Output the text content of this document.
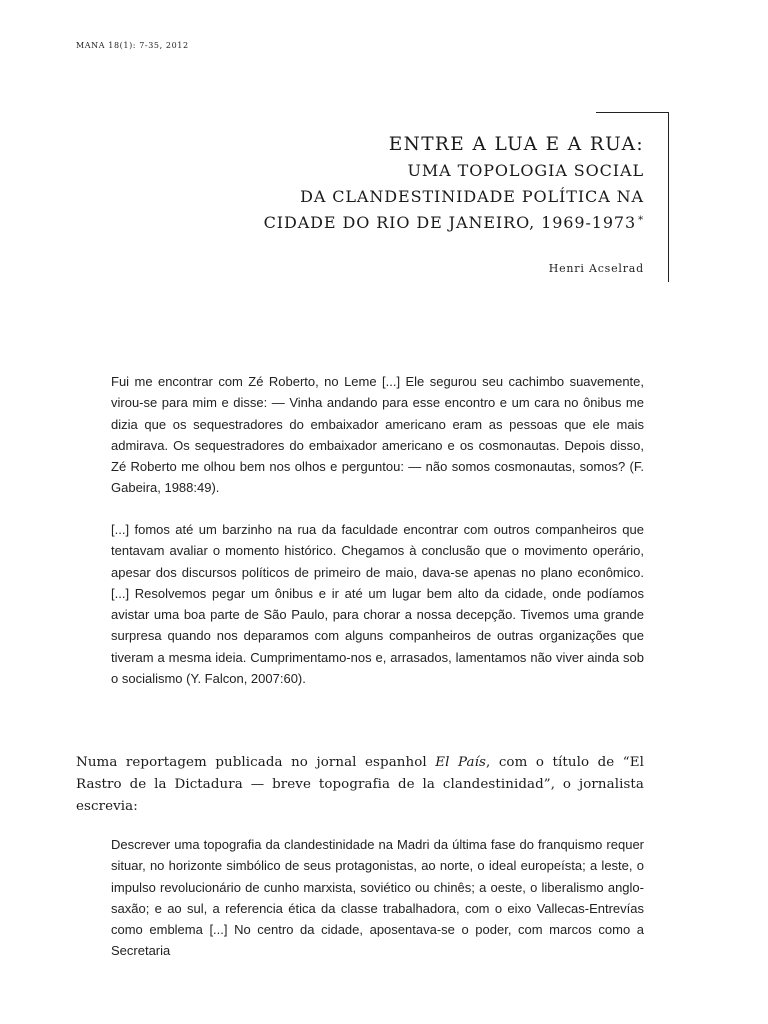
MANA 18(1): 7-35, 2012
ENTRE A LUA E A RUA:
UMA TOPOLOGIA SOCIAL
DA CLANDESTINIDADE POLÍTICA NA
CIDADE DO RIO DE JANEIRO, 1969-1973 *
Henri Acselrad

Fui me encontrar com Zé Roberto, no Leme [...] Ele segurou seu cachimbo suavemente, virou-se para mim e disse: — Vinha andando para esse encontro e um cara no ônibus me dizia que os sequestradores do embaixador americano eram as pessoas que ele mais admirava. Os sequestradores do embaixador americano e os cosmonautas. Depois disso, Zé Roberto me olhou bem nos olhos e perguntou: — não somos cosmonautas, somos? (F. Gabeira, 1988:49).

[...] fomos até um barzinho na rua da faculdade encontrar com outros companheiros que tentavam avaliar o momento histórico. Chegamos à conclusão que o movimento operário, apesar dos discursos políticos de primeiro de maio, dava-se apenas no plano econômico. [...] Resolvemos pegar um ônibus e ir até um lugar bem alto da cidade, onde podíamos avistar uma boa parte de São Paulo, para chorar a nossa decepção. Tivemos uma grande surpresa quando nos deparamos com alguns companheiros de outras organizações que tiveram a mesma ideia. Cumprimentamo-nos e, arrasados, lamentamos não viver ainda sob o socialismo (Y. Falcon, 2007:60).

Numa reportagem publicada no jornal espanhol El País, com o título de “El Rastro de la Dictadura — breve topografia de la clandestinidad”, o jornalista escrevia:

Descrever uma topografia da clandestinidade na Madri da última fase do franquismo requer situar, no horizonte simbólico de seus protagonistas, ao norte, o ideal europeísta; a leste, o impulso revolucionário de cunho marxista, soviético ou chinês; a oeste, o liberalismo anglo-saxão; e ao sul, a referencia ética da classe trabalhadora, com o eixo Vallecas-Entrevías como emblema [...] No centro da cidade, aposentava-se o poder, com marcos como a Secretaria
